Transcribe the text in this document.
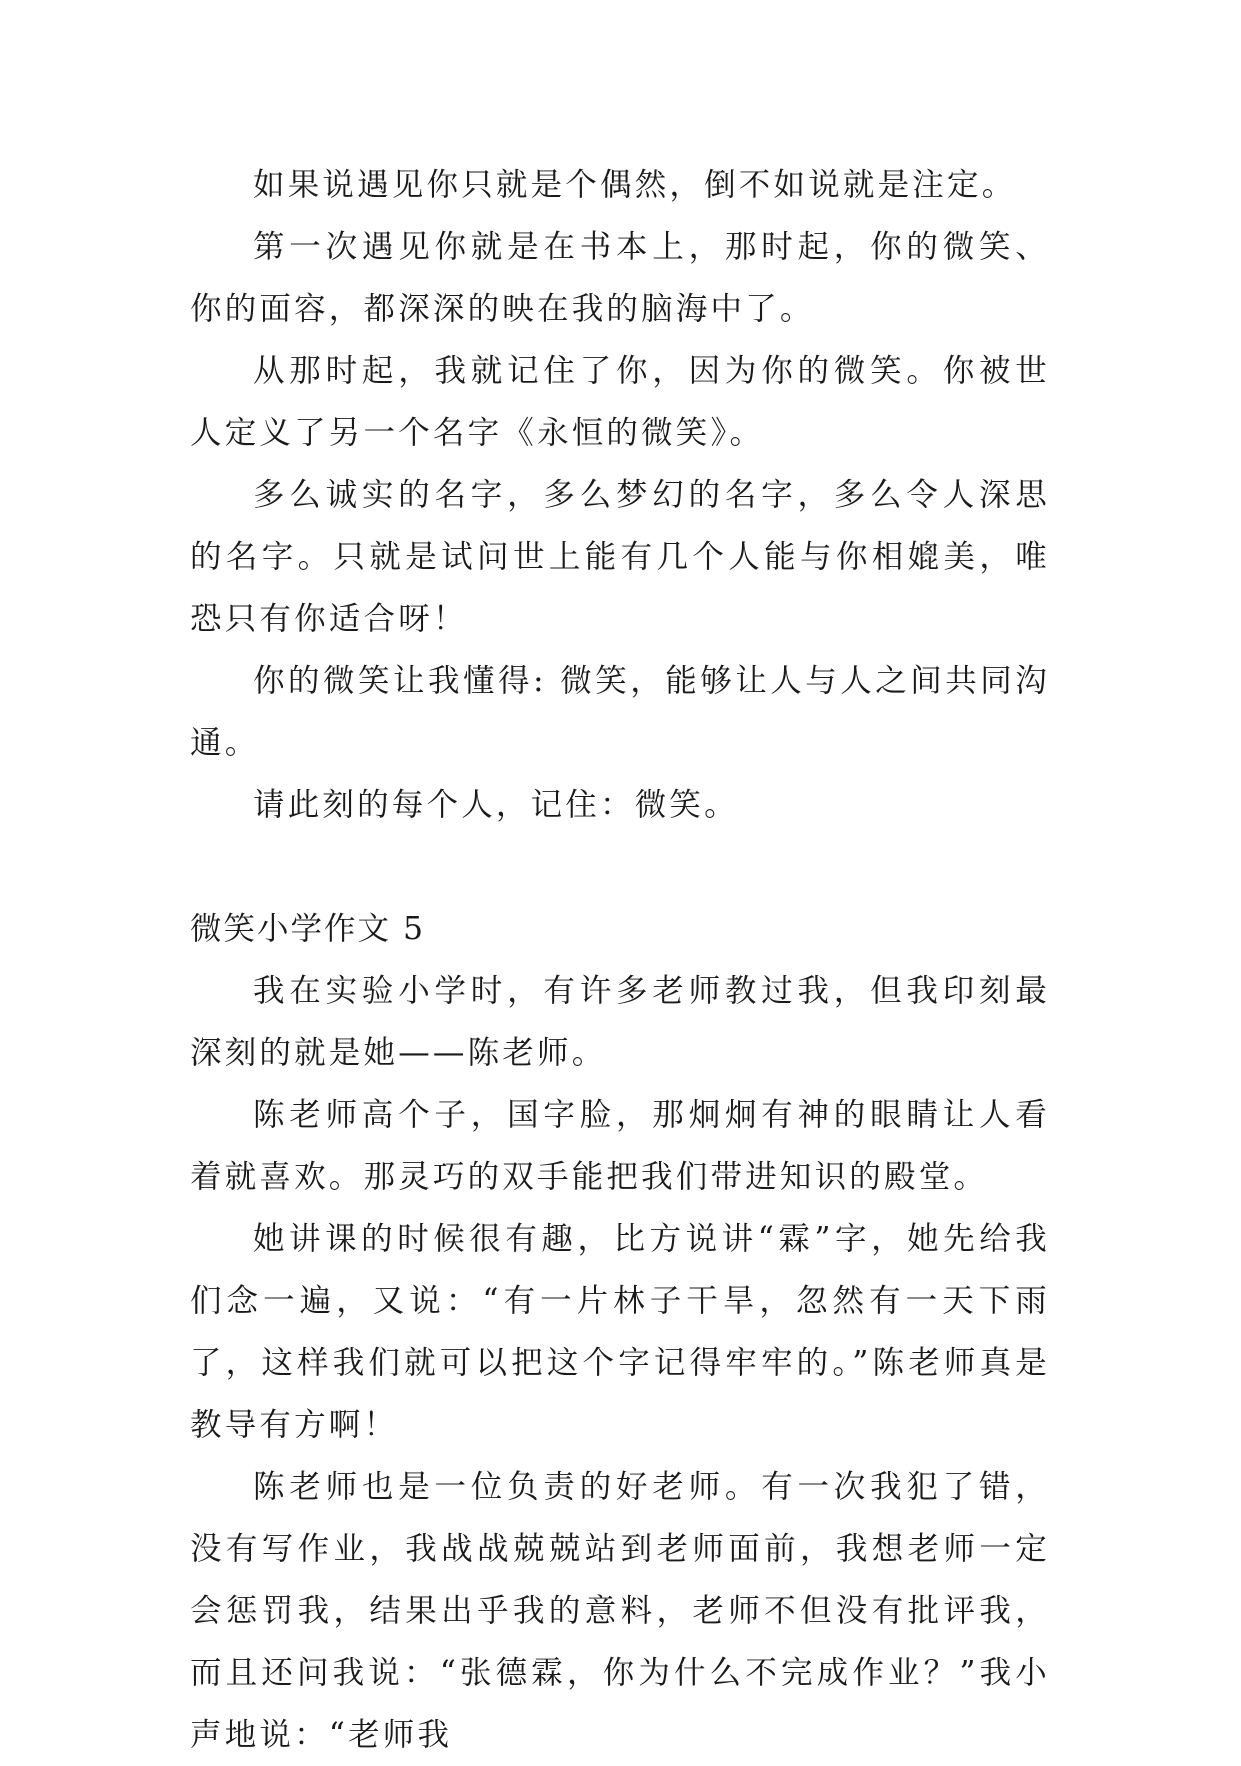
如果说遇见你只就是个偶然，倒不如说就是注定。

第一次遇见你就是在书本上，那时起，你的微笑、你的面容，都深深的映在我的脑海中了。

从那时起，我就记住了你，因为你的微笑。你被世人定义了另一个名字《永恒的微笑》。

多么诚实的名字，多么梦幻的名字，多么令人深思的名字。只就是试问世上能有几个人能与你相媲美，唯恐只有你适合呀！

你的微笑让我懂得: 微笑，能够让人与人之间共同沟通。

请此刻的每个人，记住：微笑。

微笑小学作文 5

我在实验小学时，有许多老师教过我，但我印刻最深刻的就是她——陈老师。

陈老师高个子，国字脸，那炯炯有神的眼睛让人看着就喜欢。那灵巧的双手能把我们带进知识的殿堂。

她讲课的时候很有趣，比方说讲“霖”字，她先给我们念一遍，又说：“有一片林子干旱，忽然有一天下雨了，这样我们就可以把这个字记得牢牢的。”陈老师真是教导有方啊！

陈老师也是一位负责的好老师。有一次我犯了错，没有写作业，我战战兢兢站到老师面前，我想老师一定会惩罚我，结果出乎我的意料，老师不但没有批评我，而且还问我说：“张德霖，你为什么不完成作业？”我小声地说：“老师我
